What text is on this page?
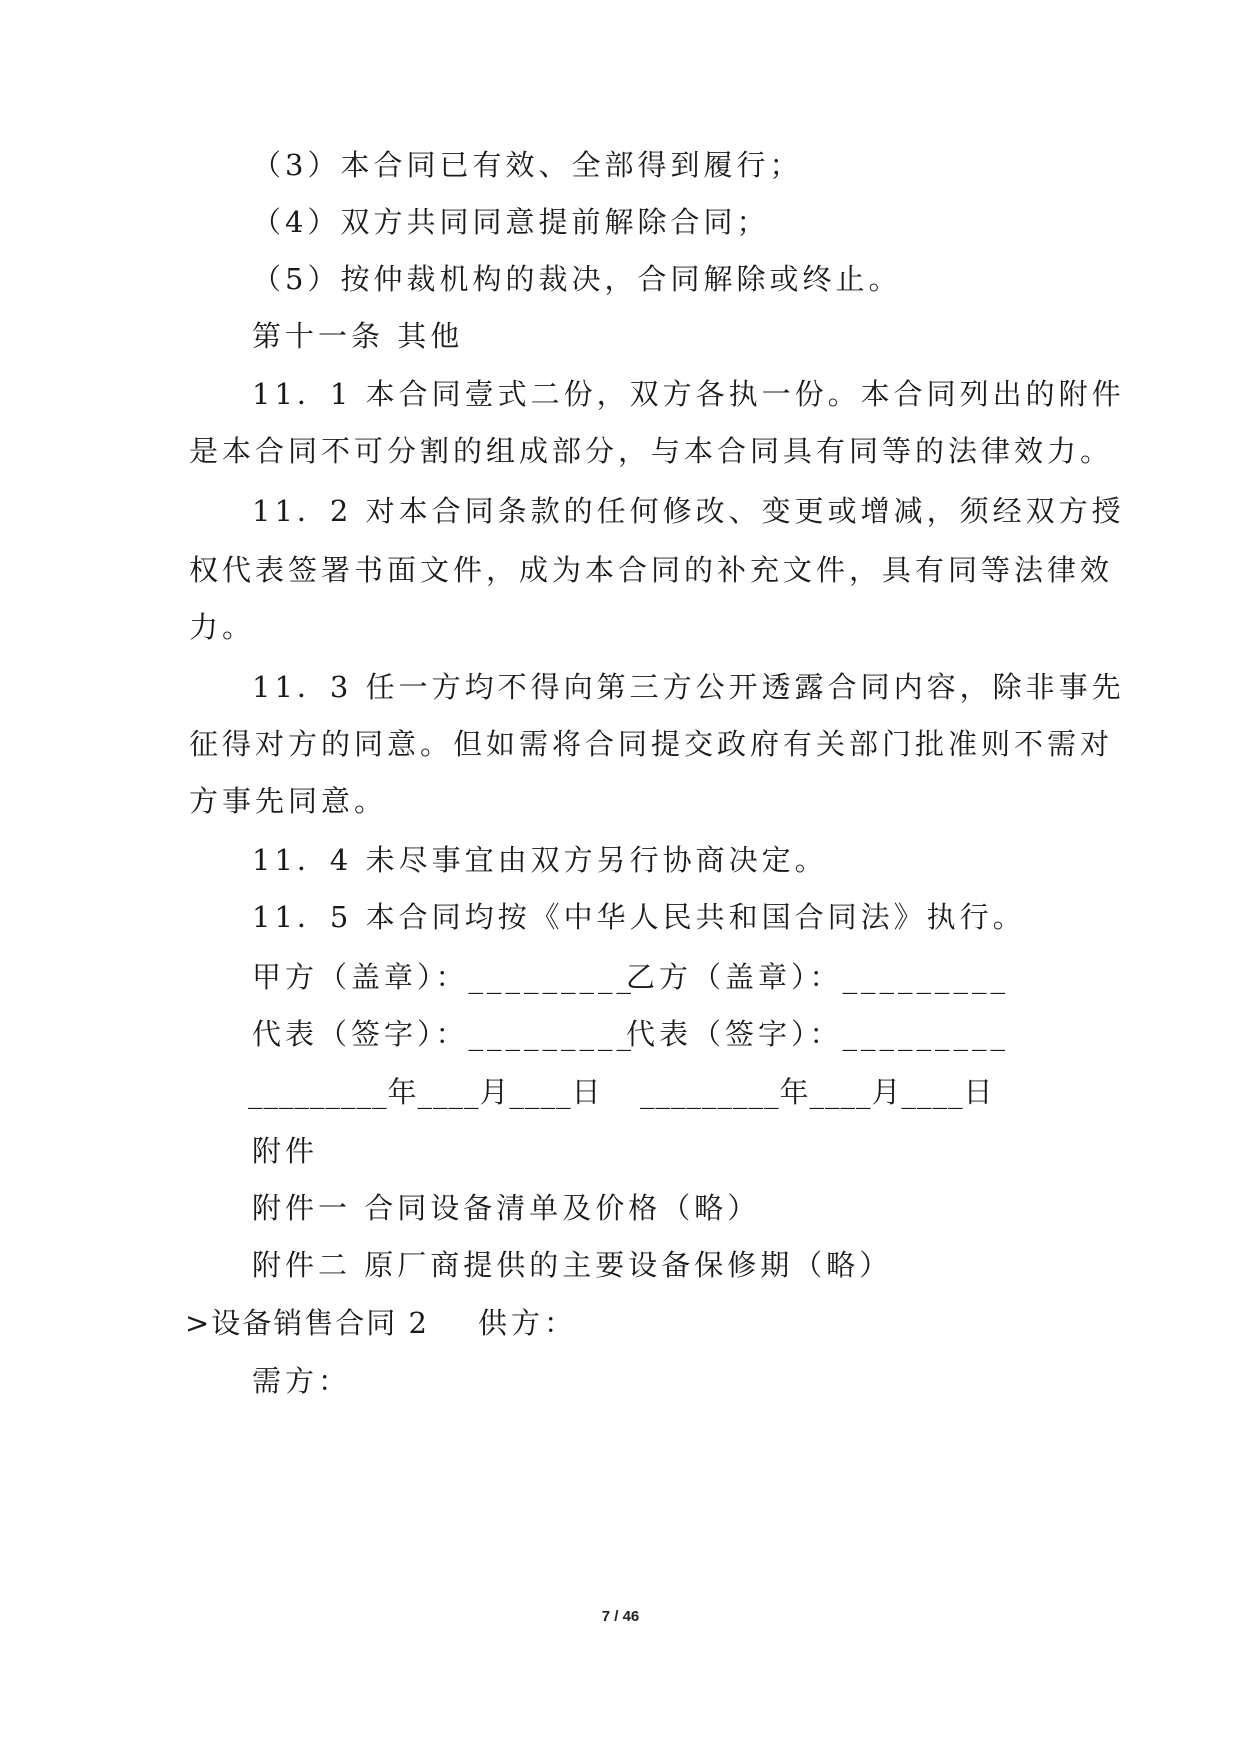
（3）本合同已有效、全部得到履行；
（4）双方共同同意提前解除合同；
（5）按仲裁机构的裁决，合同解除或终止。
第十一条 其他
11．1 本合同壹式二份，双方各执一份。本合同列出的附件
是本合同不可分割的组成部分，与本合同具有同等的法律效力。
11．2 对本合同条款的任何修改、变更或增减，须经双方授
权代表签署书面文件，成为本合同的补充文件，具有同等法律效
力。
11．3 任一方均不得向第三方公开透露合同内容，除非事先
征得对方的同意。但如需将合同提交政府有关部门批准则不需对
方事先同意。
11．4 未尽事宜由双方另行协商决定。
11．5 本合同均按《中华人民共和国合同法》执行。
甲方（盖章）：_________
乙方（盖章）：_________
代表（签字）：_________
代表（签字）：_________
_________年____月____日 _________年____月____日
附件
附件一 合同设备清单及价格（略）
附件二 原厂商提供的主要设备保修期（略）
>设备销售合同 2 供方：
需方：
7 / 46
